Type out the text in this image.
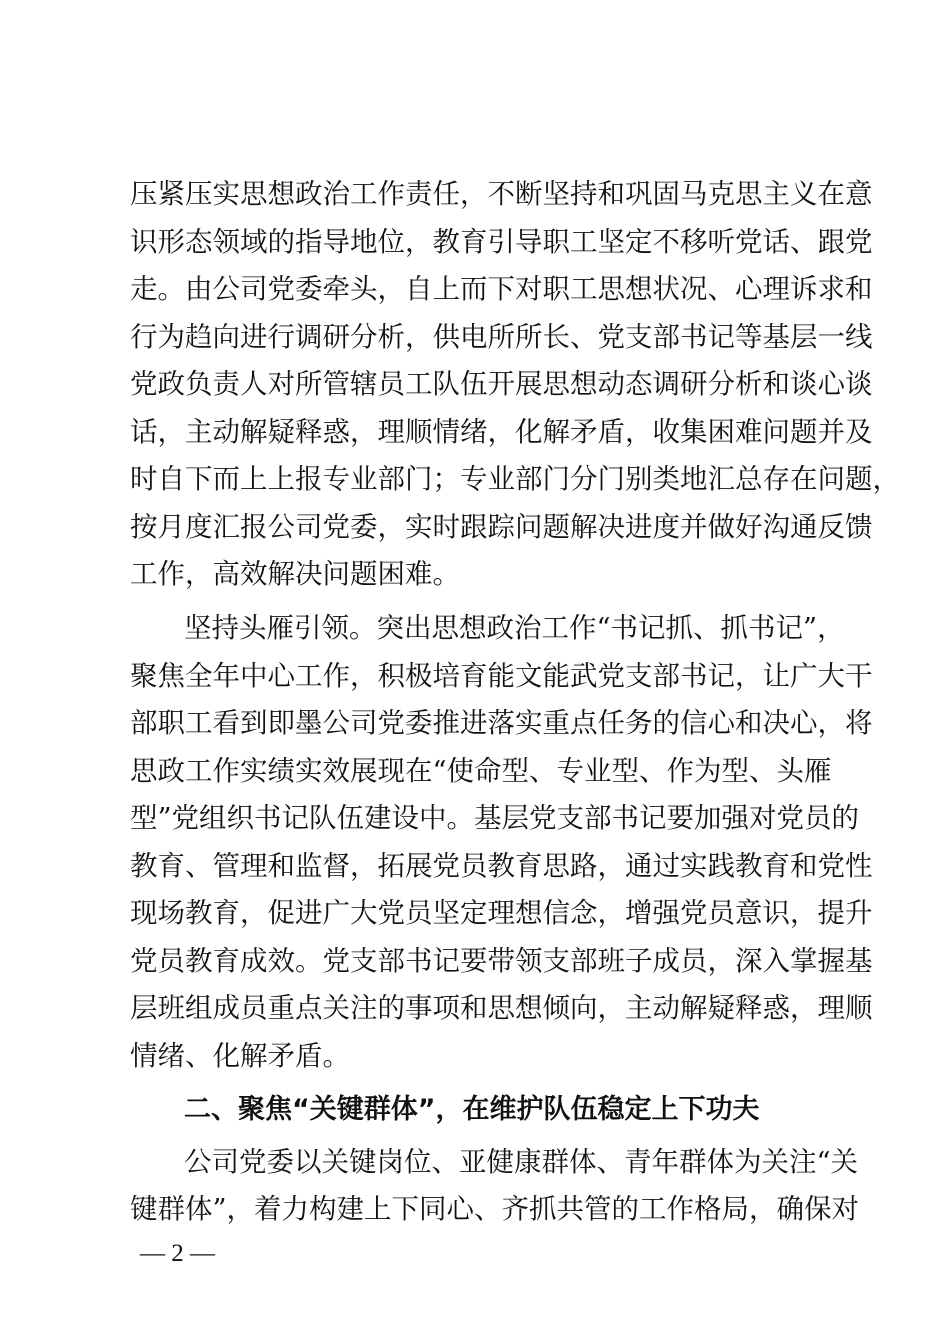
压紧压实思想政治工作责任，不断坚持和巩固马克思主义在意
识形态领域的指导地位，教育引导职工坚定不移听党话、跟党
走。由公司党委牵头，自上而下对职工思想状况、心理诉求和
行为趋向进行调研分析，供电所所长、党支部书记等基层一线
党政负责人对所管辖员工队伍开展思想动态调研分析和谈心谈
话，主动解疑释惑，理顺情绪，化解矛盾，收集困难问题并及
时自下而上上报专业部门；专业部门分门别类地汇总存在问题，
按月度汇报公司党委，实时跟踪问题解决进度并做好沟通反馈
工作，高效解决问题困难。
坚持头雁引领。突出思想政治工作“书记抓、抓书记”，
聚焦全年中心工作，积极培育能文能武党支部书记，让广大干
部职工看到即墨公司党委推进落实重点任务的信心和决心，将
思政工作实绩实效展现在“使命型、专业型、作为型、头雁
型”党组织书记队伍建设中。基层党支部书记要加强对党员的
教育、管理和监督，拓展党员教育思路，通过实践教育和党性
现场教育，促进广大党员坚定理想信念，增强党员意识，提升
党员教育成效。党支部书记要带领支部班子成员，深入掌握基
层班组成员重点关注的事项和思想倾向，主动解疑释惑，理顺
情绪、化解矛盾。
二、聚焦“关键群体”，在维护队伍稳定上下功夫
公司党委以关键岗位、亚健康群体、青年群体为关注“关
键群体”，着力构建上下同心、齐抓共管的工作格局，确保对
— 2 —
